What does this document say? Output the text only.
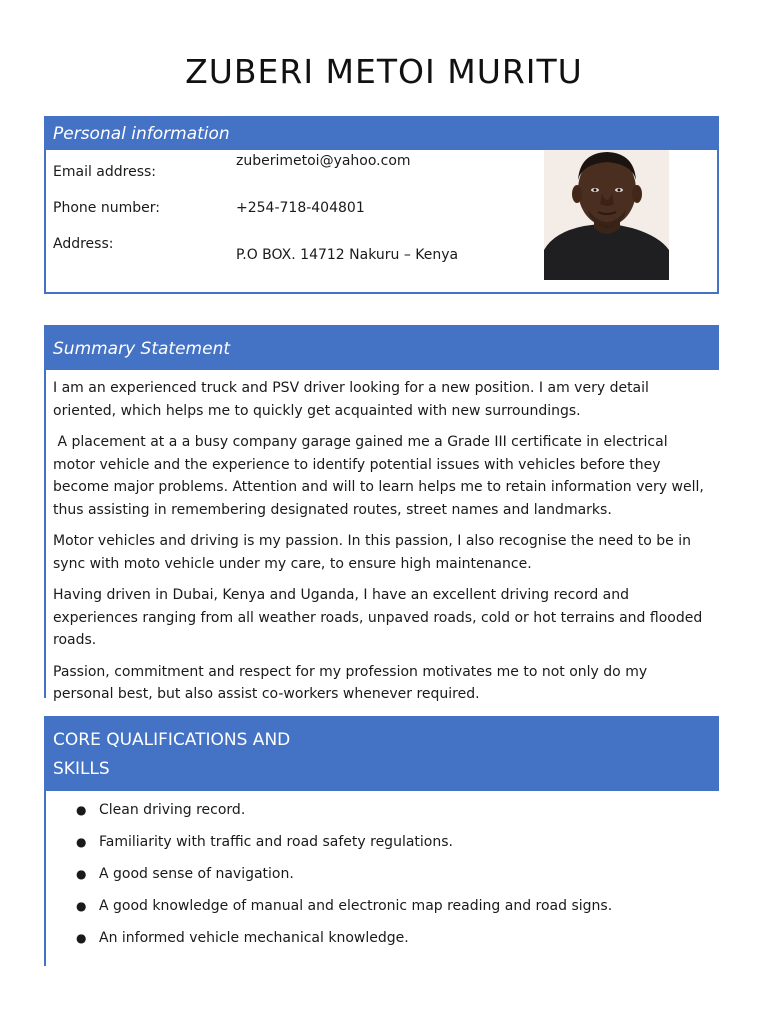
ZUBERI METOI MURITU
Personal information
Email address:
zuberimetoi@yahoo.com
Phone number:	+254-718-404801
Address:
P.O BOX. 14712 Nakuru – Kenya
Summary Statement

I am an experienced truck and PSV driver looking for a new position. I am very detail oriented, which helps me to quickly get acquainted with new surroundings.

A placement at a a busy company garage gained me a Grade III certificate in electrical motor vehicle and the experience to identify potential issues with vehicles before they become major problems. Attention and will to learn helps me to retain information very well, thus assisting in remembering designated routes, street names and landmarks.

Motor vehicles and driving is my passion. In this passion, I also recognise the need to be in sync with moto vehicle under my care, to ensure high maintenance.

Having driven in Dubai, Kenya and Uganda, I have an excellent driving record and experiences ranging from all weather roads, unpaved roads, cold or hot terrains and flooded roads.

Passion, commitment and respect for my profession motivates me to not only do my personal best, but also assist co-workers whenever required.

CORE QUALIFICATIONS AND
SKILLS
● Clean driving record.
● Familiarity with traffic and road safety regulations.
● A good sense of navigation.
● A good knowledge of manual and electronic map reading and road signs.
● An informed vehicle mechanical knowledge.
